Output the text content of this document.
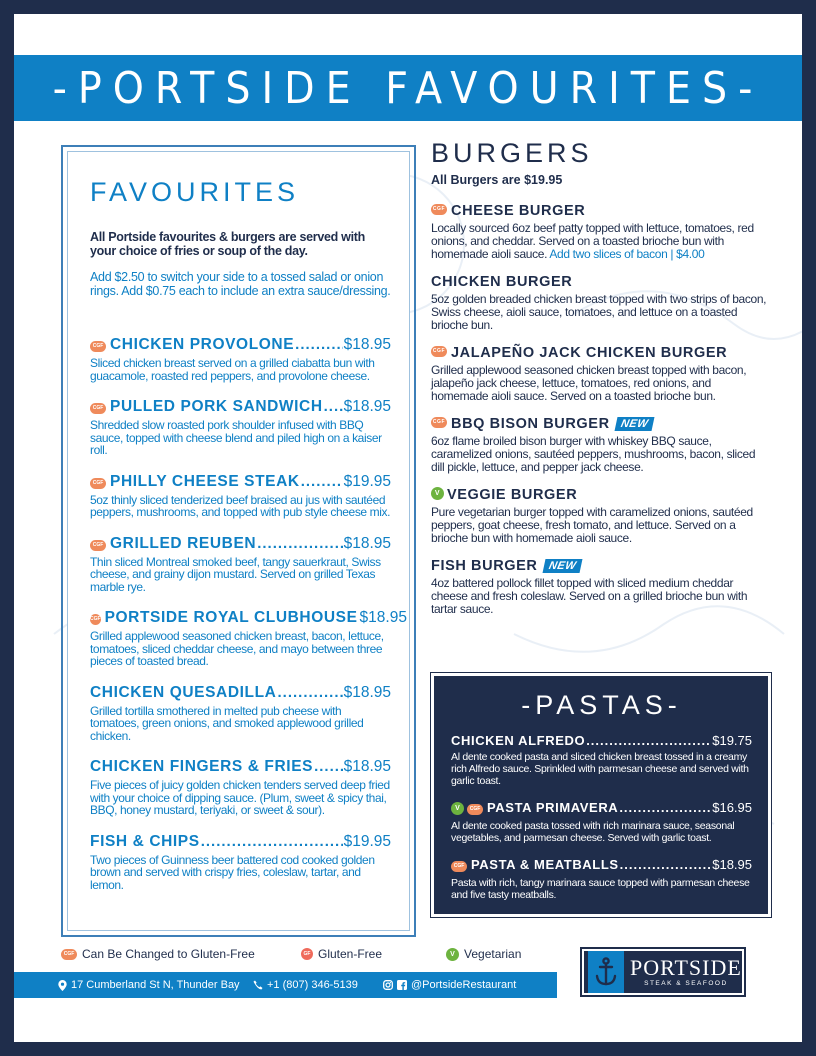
-PORTSIDE FAVOURITES-
FAVOURITES

All Portside favourites & burgers are served with your choice of fries or soup of the day.

Add $2.50 to switch your side to a tossed salad or onion rings. Add $0.75 each to include an extra sauce/dressing.

CGF CHICKEN PROVOLONE .....	$18.95

Sliced chicken breast served on a grilled ciabatta bun with guacamole, roasted red peppers, and provolone cheese.

CGF PULLED PORK SANDWICH ..... $18.95

Shredded slow roasted pork shoulder infused with BBQ sauce, topped with cheese blend and piled high on a kaiser roll.

CGF PHILLY CHEESE STEAK .....	$19.95

5oz thinly sliced tenderized beef braised au jus with sautéed peppers, mushrooms, and topped with pub style cheese mix.

CGF GRILLED REUBEN .....	$18.95

Thin sliced Montreal smoked beef, tangy sauerkraut, Swiss cheese, and grainy dijon mustard. Served on grilled Texas marble rye.

CGF PORTSIDE ROYAL CLUBHOUSE $18.95

Grilled applewood seasoned chicken breast, bacon, lettuce, tomatoes, sliced cheddar cheese, and mayo between three pieces of toasted bread.

CHICKEN QUESADILLA .....	$18.95

Grilled tortilla smothered in melted pub cheese with tomatoes, green onions, and smoked applewood grilled chicken.

CHICKEN FINGERS & FRIES ..... $18.95

Five pieces of juicy golden chicken tenders served deep fried with your choice of dipping sauce. (Plum, sweet & spicy thai, BBQ, honey mustard, teriyaki, or sweet & sour).

FISH & CHIPS .....	$19.95

Two pieces of Guinness beer battered cod cooked golden brown and served with crispy fries, coleslaw, tartar, and lemon.

BURGERS

All Burgers are $19.95

CGF CHEESE BURGER

Locally sourced 6oz beef patty topped with lettuce, tomatoes, red onions, and cheddar. Served on a toasted brioche bun with homemade aioli sauce. Add two slices of bacon | $4.00

CHICKEN BURGER

5oz golden breaded chicken breast topped with two strips of bacon, Swiss cheese, aioli sauce, tomatoes, and lettuce on a toasted brioche bun.

CGF JALAPEÑO JACK CHICKEN BURGER

Grilled applewood seasoned chicken breast topped with bacon, jalapeño jack cheese, lettuce, tomatoes, red onions, and homemade aioli sauce. Served on a toasted brioche bun.

CGF BBQ BISON BURGER NEW

6oz flame broiled bison burger with whiskey BBQ sauce, caramelized onions, sautéed peppers, mushrooms, bacon, sliced dill pickle, lettuce, and pepper jack cheese.

V VEGGIE BURGER

Pure vegetarian burger topped with caramelized onions, sautéed peppers, goat cheese, fresh tomato, and lettuce. Served on a brioche bun with homemade aioli sauce.

FISH BURGER NEW

4oz battered pollock fillet topped with sliced medium cheddar cheese and fresh coleslaw. Served on a grilled brioche bun with tartar sauce.

-PASTAS-
CHICKEN ALFREDO .....	$19.75

Al dente cooked pasta and sliced chicken breast tossed in a creamy rich Alfredo sauce. Sprinkled with parmesan cheese and served with garlic toast.

V	CGF PASTA PRIMAVERA .....	$16.95

Al dente cooked pasta tossed with rich marinara sauce, seasonal vegetables, and parmesan cheese. Served with garlic toast.

CGF PASTA & MEATBALLS .....	$18.95

Pasta with rich, tangy marinara sauce topped with parmesan cheese and five tasty meatballs.

CGF Can Be Changed to Gluten-Free	GF Gluten-Free	V Vegetarian
17 Cumberland St N, Thunder Bay +1 (807) 346-5139	@PortsideRestaurant
PORTSIDE
STEAK & SEAFOOD
